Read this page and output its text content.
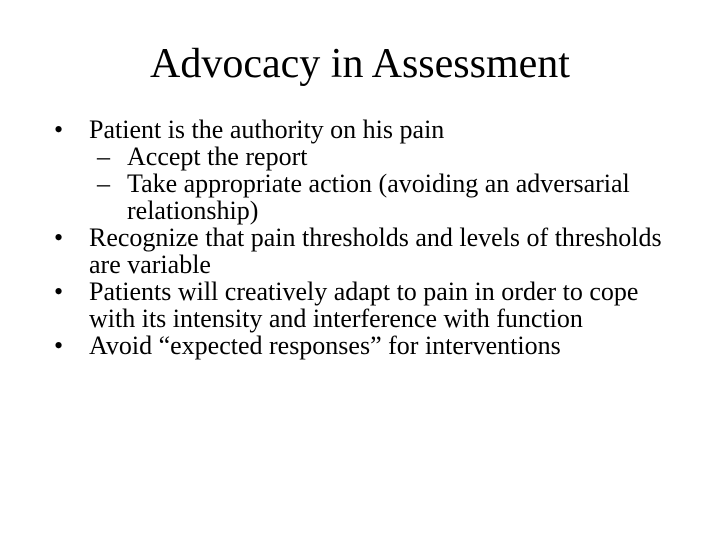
Advocacy in Assessment
• Patient is the authority on his pain
– Accept the report
– Take appropriate action (avoiding an adversarial relationship)
• Recognize that pain thresholds and levels of thresholds are variable
• Patients will creatively adapt to pain in order to cope with its intensity and interference with function
• Avoid “expected responses” for interventions
